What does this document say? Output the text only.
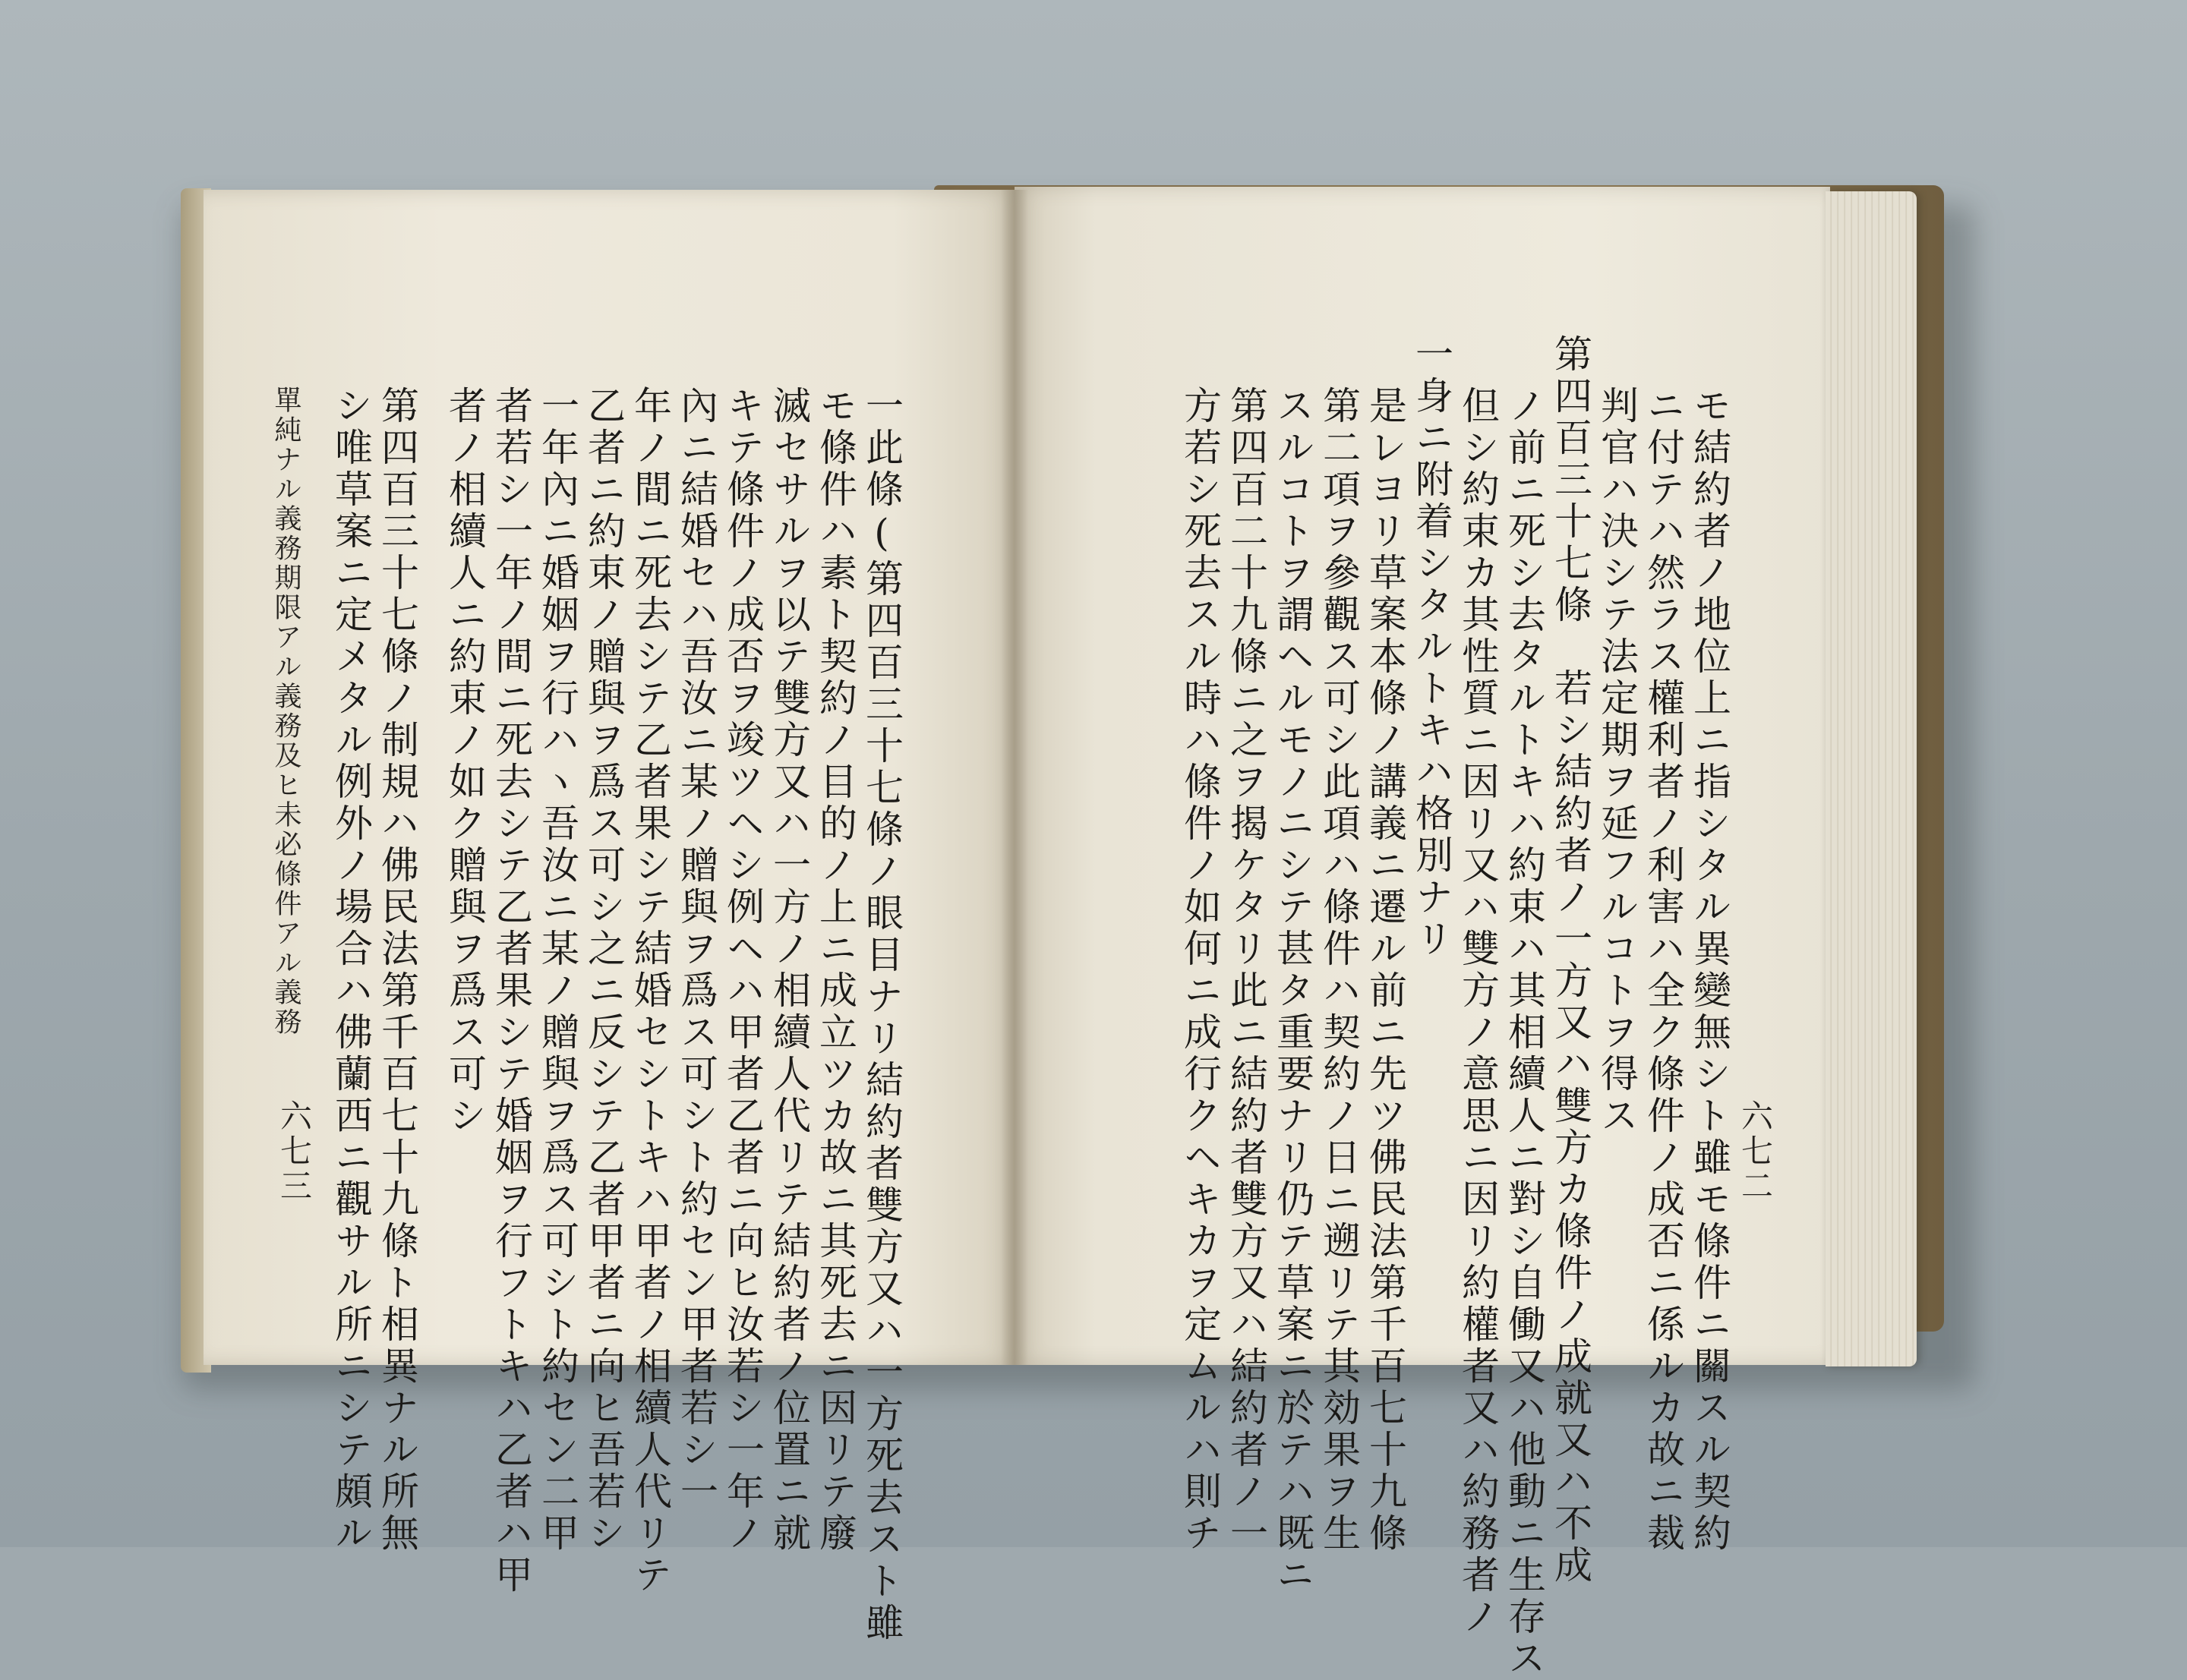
單純ナル義務期限アル義務及ヒ未必條件アル義務	一此條(第四百三十七條ノ眼目ナリ結約者雙方又ハ一方死去スト雖
モ條件ハ素ト契約ノ目的ノ上ニ成立ツカ故ニ其死去ニ因リテ廢
滅セサルヲ以テ雙方又ハ一方ノ相續人代リテ結約者ノ位置ニ就
キテ條件ノ成否ヲ竣ツヘシ例ヘハ甲者乙者ニ向ヒ汝若シ一年ノ
內ニ結婚セハ吾汝ニ某ノ贈與ヲ爲ス可シト約セン甲者若シ一
年ノ間ニ死去シテ乙者果シテ結婚セシトキハ甲者ノ相續人代リテ
乙者ニ約束ノ贈與ヲ爲ス可シ之ニ反シテ乙者甲者ニ向ヒ吾若シ
一年內ニ婚姻ヲ行ハヽ吾汝ニ某ノ贈與ヲ爲ス可シト約セン二甲
者若シ一年ノ間ニ死去シテ乙者果シテ婚姻ヲ行フトキハ乙者ハ甲
者ノ相續人ニ約束ノ如ク贈與ヲ爲ス可シ
第四百三十七條ノ制規ハ佛民法第千百七十九條ト相異ナル所無
シ唯草案ニ定メタル例外ノ場合ハ佛蘭西ニ觀サル所ニシテ頗ル
六七三	モ結約者ノ地位上ニ指シタル異變無シト雖モ條件ニ關スル契約
ニ付テハ然ラス權利者ノ利害ハ全ク條件ノ成否ニ係ルカ故ニ裁
判官ハ決シテ法定期ヲ延フルコトヲ得ス
第四百三十七條　若シ結約者ノ一方又ハ雙方カ條件ノ成就又ハ不成
ノ前ニ死シ去タルトキハ約束ハ其相續人ニ對シ自働又ハ他動ニ生存ス
但シ約束カ其性質ニ因リ又ハ雙方ノ意思ニ因リ約權者又ハ約務者ノ
一身ニ附着シタルトキハ格別ナリ
是レヨリ草案本條ノ講義ニ遷ル前ニ先ツ佛民法第千百七十九條
第二項ヲ參觀ス可シ此項ハ條件ハ契約ノ日ニ遡リテ其効果ヲ生
スルコトヲ謂ヘルモノニシテ甚タ重要ナリ仍テ草案ニ於テハ既ニ
第四百二十九條ニ之ヲ揭ケタリ此ニ結約者雙方又ハ結約者ノ一
方若シ死去スル時ハ條件ノ如何ニ成行クヘキカヲ定ムルハ則チ	六七二
